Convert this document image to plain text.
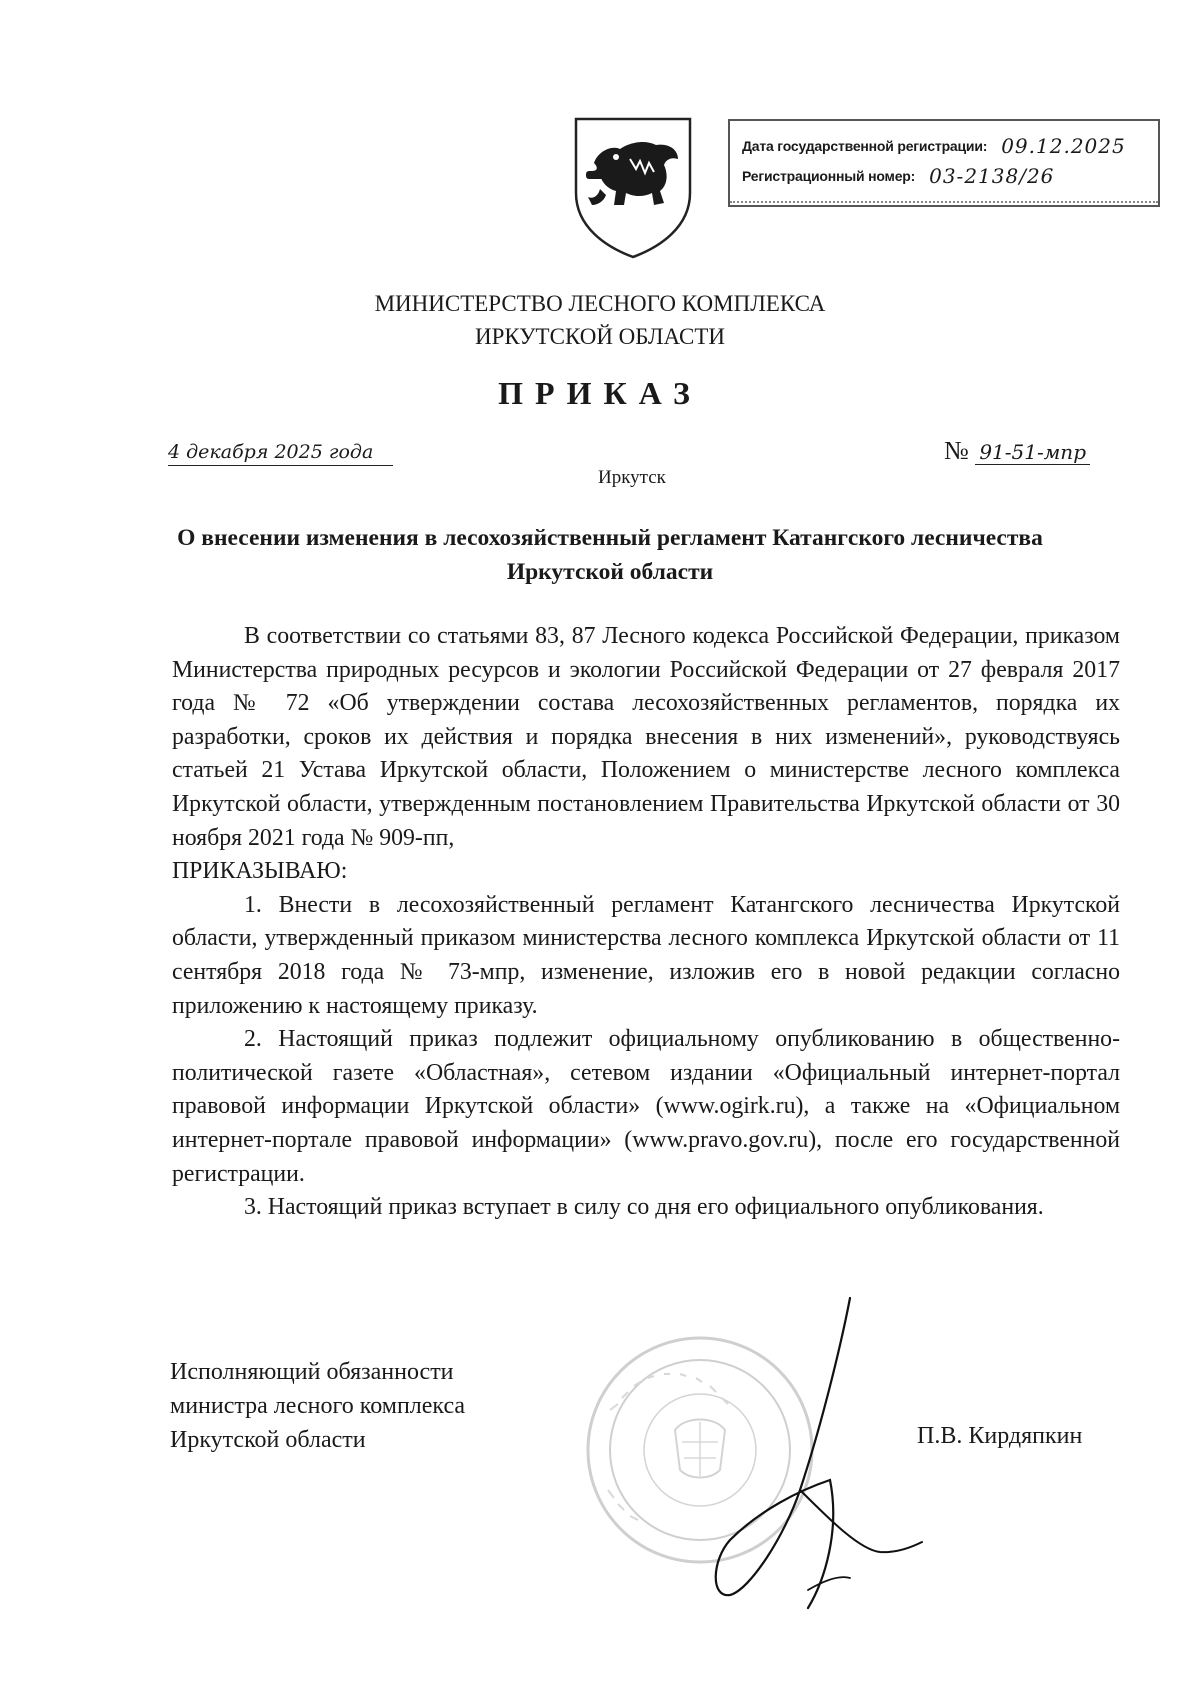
Дата государственной регистрации: 09.12.2025
Регистрационный номер: 03-2138/26
МИНИСТЕРСТВО ЛЕСНОГО КОМПЛЕКСА
ИРКУТСКОЙ ОБЛАСТИ
ПРИКАЗ
4 декабря 2025 года	№ 91-51-мпр
Иркутск
О внесении изменения в лесохозяйственный регламент Катангского лесничества Иркутской области

В соответствии со статьями 83, 87 Лесного кодекса Российской Федерации, приказом Министерства природных ресурсов и экологии Российской Федерации от 27 февраля 2017 года № 72 «Об утверждении состава лесохозяйственных регламентов, порядка их разработки, сроков их действия и порядка внесения в них изменений», руководствуясь статьей 21 Устава Иркутской области, Положением о министерстве лесного комплекса Иркутской области, утвержденным постановлением Правительства Иркутской области от 30 ноября 2021 года № 909-пп,

ПРИКАЗЫВАЮ:

1. Внести в лесохозяйственный регламент Катангского лесничества Иркутской области, утвержденный приказом министерства лесного комплекса Иркутской области от 11 сентября 2018 года № 73-мпр, изменение, изложив его в новой редакции согласно приложению к настоящему приказу.

2. Настоящий приказ подлежит официальному опубликованию в общественно-политической газете «Областная», сетевом издании «Официальный интернет-портал правовой информации Иркутской области» (www.ogirk.ru), а также на «Официальном интернет-портале правовой информации» (www.pravo.gov.ru), после его государственной регистрации.

3. Настоящий приказ вступает в силу со дня его официального опубликования.

Исполняющий обязанности
министра лесного комплекса
Иркутской области	П.В. Кирдяпкин
